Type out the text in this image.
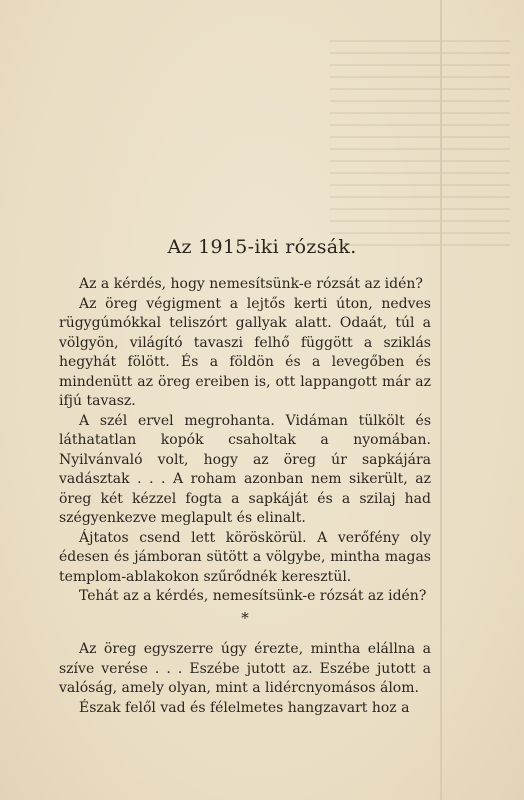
Az 1915-iki rózsák.

Az a kérdés, hogy nemesítsünk-e rózsát az idén?

Az öreg végigment a lejtős kerti úton, nedves rügygúmókkal teliszórt gallyak alatt. Odaát, túl a völgyön, világító tavaszi felhő függött a sziklás hegyhát fölött. És a földön és a levegőben és mindenütt az öreg ereiben is, ott lappangott már az ifjú tavasz.

A szél ervel megrohanta. Vidáman tülkölt és láthatatlan kopók csaholtak a nyomában. Nyilvánvaló volt, hogy az öreg úr sapkájára vadásztak . . . A roham azonban nem sikerült, az öreg két kézzel fogta a sapkáját és a szilaj had szégyenkezve meglapult és elinalt.

Ájtatos csend lett köröskörül. A verőfény oly édesen és jámboran sütött a völgybe, mintha magas templom-ablakokon szűrődnék keresztül.

Tehát az a kérdés, nemesítsünk-e rózsát az idén?

*

Az öreg egyszerre úgy érezte, mintha elállna a szíve verése . . . Eszébe jutott az. Eszébe jutott a valóság, amely olyan, mint a lidércnyomásos álom.

Észak felől vad és félelmetes hangzavart hoz a
